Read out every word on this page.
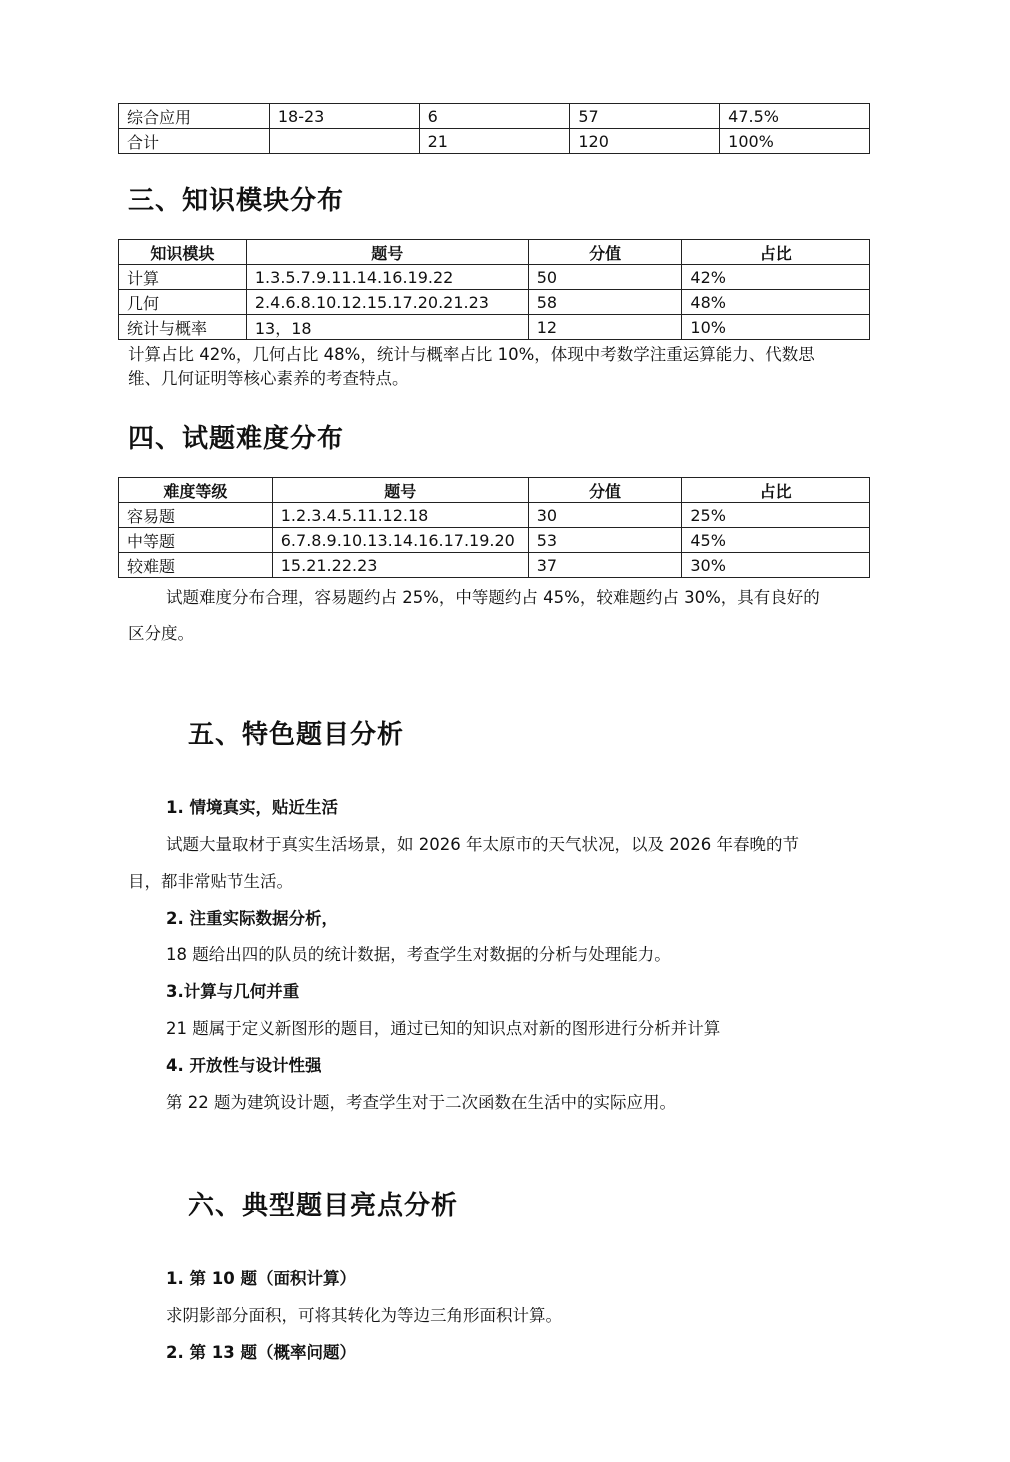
综合应用	18-23	6	57	47.5%
合计		21	120	100%
三、知识模块分布
知识模块	题号	分值	占比
计算	1.3.5.7.9.11.14.16.19.22	50	42%
几何	2.4.6.8.10.12.15.17.20.21.23	58	48%
统计与概率	13，18	12	10%
计算占比 42%，几何占比 48%，统计与概率占比 10%，体现中考数学注重运算能力、代数思
维、几何证明等核心素养的考查特点。
四、试题难度分布
难度等级	题号	分值	占比
容易题	1.2.3.4.5.11.12.18	30	25%
中等题	6.7.8.9.10.13.14.16.17.19.20	53	45%
较难题	15.21.22.23	37	30%
试题难度分布合理，容易题约占 25%，中等题约占 45%，较难题约占 30%，具有良好的
区分度。
五、特色题目分析
1. 情境真实，贴近生活
试题大量取材于真实生活场景，如 2026 年太原市的天气状况，以及 2026 年春晚的节
目，都非常贴节生活。
2. 注重实际数据分析，
18 题给出四的队员的统计数据，考查学生对数据的分析与处理能力。
3.计算与几何并重
21 题属于定义新图形的题目，通过已知的知识点对新的图形进行分析并计算
4. 开放性与设计性强
第 22 题为建筑设计题，考查学生对于二次函数在生活中的实际应用。
六、典型题目亮点分析
1. 第 10 题（面积计算）
求阴影部分面积，可将其转化为等边三角形面积计算。
2. 第 13 题（概率问题）
